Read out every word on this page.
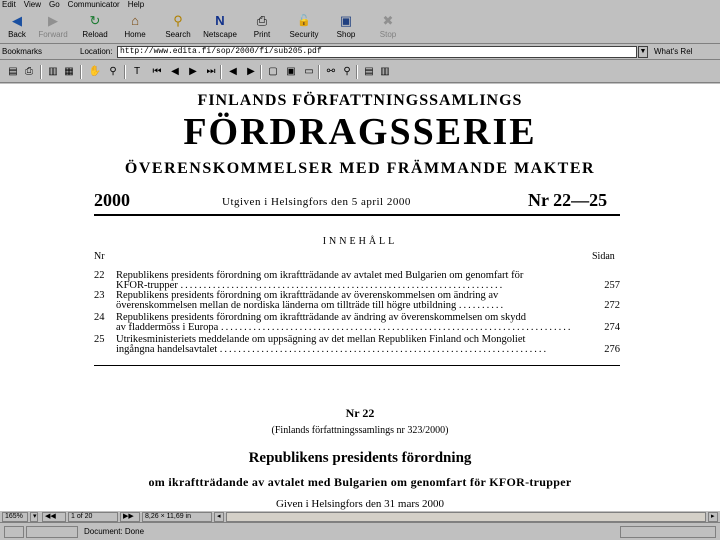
Edit View Go Communicator Help
◀
Back
▶
Forward
↻
Reload
⌂
Home
⚲
Search
N
Netscape
⎙
Print
🔓
Security
▣
Shop
✖
Stop
Bookmarks	Location: http://www.edita.fi/sop/2000/fi/sub205.pdf	▼ What's Rel
▤ ⎙	▥ ▦ ✋ ⚲	T	⏮ ◀	▶ ⏭	◀	▶	▢ ▣ ▭ ⚯ ⚲	▤ ▥
FINLANDS FÖRFATTNINGSSAMLINGS
FÖRDRAGSSERIE
ÖVERENSKOMMELSER MED FRÄMMANDE MAKTER
2000	Utgiven i Helsingfors den 5 april 2000	Nr 22—25
INNEHÅLL
Nr	Sidan
22 Republikens presidents förordning om ikraftträdande av avtalet med Bulgarien om genomfart för
KFOR-trupper ......................................................................	257
23 Republikens presidents förordning om ikraftträdande av överenskommelsen om ändring av
överenskommelsen mellan de nordiska länderna om tillträde till högre utbildning ..........	272
24 Republikens presidents förordning om ikraftträdande av ändring av överenskommelsen om skydd
av fladdermöss i Europa ............................................................................	274
25 Utrikesministeriets meddelande om uppsägning av det mellan Republiken Finland och Mongoliet
ingångna handelsavtalet .......................................................................	276
Nr 22
(Finlands författningssamlings nr 323/2000)
Republikens presidents förordning
om ikraftträdande av avtalet med Bulgarien om genomfart för KFOR-trupper
Given i Helsingfors den 31 mars 2000
165%	▾	◀◀	1 of 20	▶▶	8,26 × 11,69 in	◂	▸
Document: Done
